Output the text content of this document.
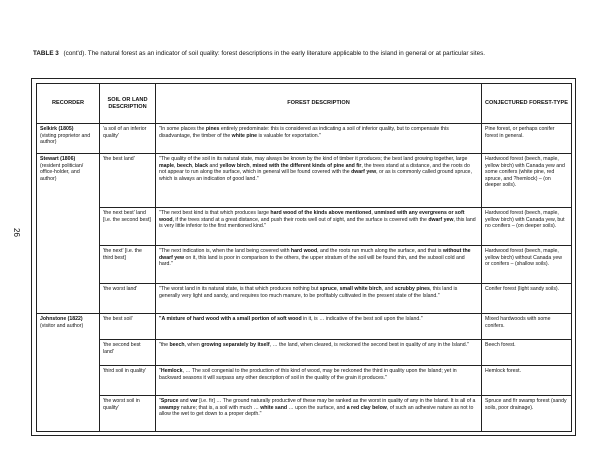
TABLE 3 (cont'd). The natural forest as an indicator of soil quality: forest descriptions in the early literature applicable to the island in general or at particular sites.
26
RECORDER	SOIL OR LAND DESCRIPTION	FOREST DESCRIPTION	CONJECTURED FOREST-TYPE

Selkirk (1805)
(visting proprietor and author)	'a soil of an inferior quality'	"In some places the pines entirely predominate: this is considered as indicating a soil of inferior quality, but to compensate this disadvantage, the timber of the white pine is valuable for exportation."	Pine forest, or perhaps conifer forest in general.

Stewart (1806)
(resident politician/ office-holder, and author)	'the best land'	"The quality of the soil in its natural state, may always be known by the kind of timber it produces; the best land growing together, large maple, beech, black and yellow birch, mixed with the different kinds of pine and fir, the trees stand at a distance, and the roots do not appear to run along the surface, which in general will be found covered with the dwarf yew, or as is commonly called ground spruce, which is always an indication of good land."	Hardwood forest (beech, maple, yellow birch) with Canada yew and some conifers (white pine, red spruce, and ?hemlock) – (on deeper soils).
	'the next best' land [i.e. the second best]	"The next best kind is that which produces large hard wood of the kinds above mentioned, unmixed with any evergreens or soft wood, if the trees stand at a great distance, and push their roots well out of sight, and the surface is covered with the dwarf yew, this land is very little inferior to the first mentioned kind."	Hardwood forest (beech, maple, yellow birch) with Canada yew, but no conifers – (on deeper soils).
	'the next' [i.e. the third best]	"The next indication is, when the land being covered with hard wood, and the roots run much along the surface, and that is without the dwarf yew on it, this land is poor in comparison to the others, the upper stratum of the soil will be found thin, and the subsoil cold and hard."	Hardwood forest (beech, maple, yellow birch) without Canada yew or conifers – (shallow soils).
	'the worst land'	"The worst land in its natural state, is that which produces nothing but spruce, small white birch, and scrubby pines, this land is generally very light and sandy, and requires too much manure, to be profitably cultivated in the present state of the Island."	Conifer forest (light sandy soils).

Johnstone (1822)
(visitor and author)	'the best soil'	"A mixture of hard wood with a small portion of soft wood in it, is … indicative of the best soil upon the Island."	Mixed hardwoods with some conifers.
	'the second best land'	"the beech, when growing separately by itself, … the land, when cleared, is reckoned the second best in quality of any in the Island."	Beech forest.
	'third soil in quality'	"Hemlock, … The soil congenial to the production of this kind of wood, may be reckoned the third in quality upon the Island; yet in backward seasons it will surpass any other description of soil in the quality of the grain it produces."	Hemlock forest.
	'the worst soil in quality'	"Spruce and var [i.e. fir] … The ground naturally productive of these may be ranked as the worst in quality of any in the Island. It is all of a swampy nature; that is, a soil with much … white sand … upon the surface, and a red clay below, of such an adhesive nature as not to allow the wet to get down to a proper depth."	Spruce and fir swamp forest (sandy soils, poor drainage).
